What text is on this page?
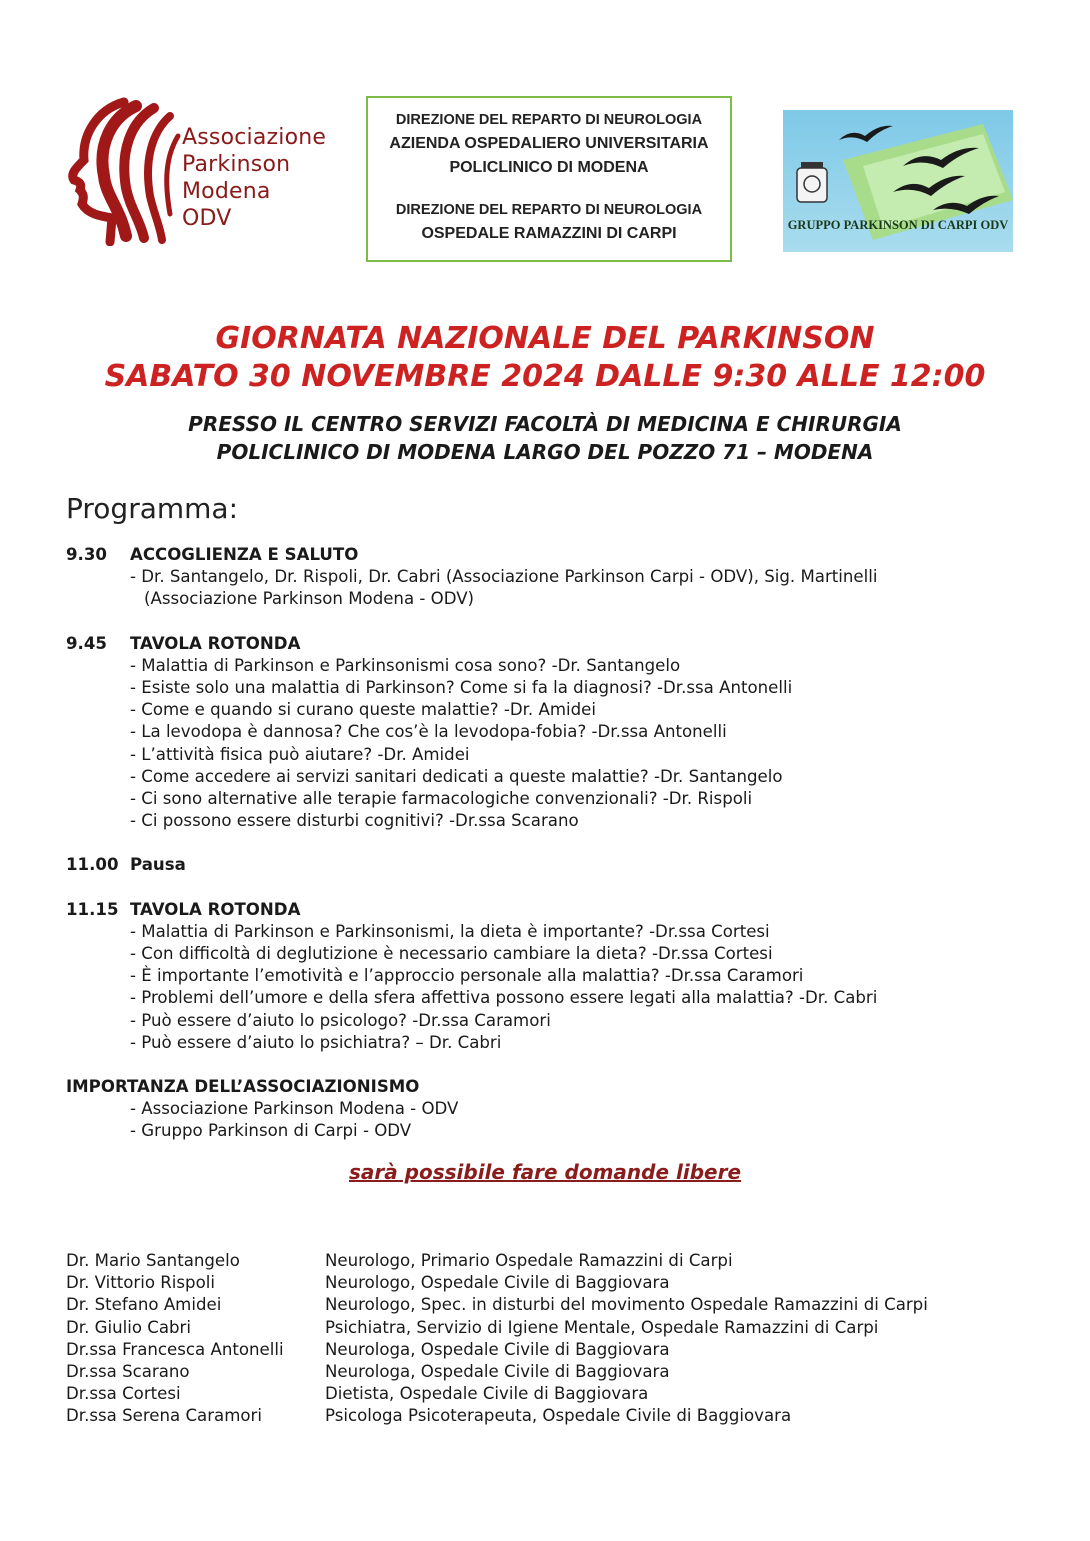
Associazione
Parkinson
Modena
ODV
DIREZIONE DEL REPARTO DI NEUROLOGIA
AZIENDA OSPEDALIERO UNIVERSITARIA
POLICLINICO DI MODENA
DIREZIONE DEL REPARTO DI NEUROLOGIA
OSPEDALE RAMAZZINI DI CARPI	GRUPPO PARKINSON DI CARPI ODV
GIORNATA NAZIONALE DEL PARKINSON
SABATO 30 NOVEMBRE 2024 DALLE 9:30 ALLE 12:00
PRESSO IL CENTRO SERVIZI FACOLTÀ DI MEDICINA E CHIRURGIA
POLICLINICO DI MODENA LARGO DEL POZZO 71 – MODENA
Programma:
9.30 ACCOGLIENZA E SALUTO
- Dr. Santangelo, Dr. Rispoli, Dr. Cabri (Associazione Parkinson Carpi - ODV), Sig. Martinelli
(Associazione Parkinson Modena - ODV)
9.45 TAVOLA ROTONDA
- Malattia di Parkinson e Parkinsonismi cosa sono? -Dr. Santangelo
- Esiste solo una malattia di Parkinson? Come si fa la diagnosi? -Dr.ssa Antonelli
- Come e quando si curano queste malattie? -Dr. Amidei
- La levodopa è dannosa? Che cos’è la levodopa-fobia? -Dr.ssa Antonelli
- L’attività fisica può aiutare? -Dr. Amidei
- Come accedere ai servizi sanitari dedicati a queste malattie? -Dr. Santangelo
- Ci sono alternative alle terapie farmacologiche convenzionali? -Dr. Rispoli
- Ci possono essere disturbi cognitivi? -Dr.ssa Scarano
11.00 Pausa
11.15 TAVOLA ROTONDA
- Malattia di Parkinson e Parkinsonismi, la dieta è importante? -Dr.ssa Cortesi
- Con difficoltà di deglutizione è necessario cambiare la dieta? -Dr.ssa Cortesi
- È importante l’emotività e l’approccio personale alla malattia? -Dr.ssa Caramori
- Problemi dell’umore e della sfera affettiva possono essere legati alla malattia? -Dr. Cabri
- Può essere d’aiuto lo psicologo? -Dr.ssa Caramori
- Può essere d’aiuto lo psichiatra? – Dr. Cabri
IMPORTANZA DELL’ASSOCIAZIONISMO
- Associazione Parkinson Modena - ODV
- Gruppo Parkinson di Carpi - ODV
sarà possibile fare domande libere
Dr. Mario Santangelo	Neurologo, Primario Ospedale Ramazzini di Carpi
Dr. Vittorio Rispoli	Neurologo, Ospedale Civile di Baggiovara
Dr. Stefano Amidei	Neurologo, Spec. in disturbi del movimento Ospedale Ramazzini di Carpi
Dr. Giulio Cabri	Psichiatra, Servizio di Igiene Mentale, Ospedale Ramazzini di Carpi
Dr.ssa Francesca Antonelli	Neurologa, Ospedale Civile di Baggiovara
Dr.ssa Scarano	Neurologa, Ospedale Civile di Baggiovara
Dr.ssa Cortesi	Dietista, Ospedale Civile di Baggiovara
Dr.ssa Serena Caramori	Psicologa Psicoterapeuta, Ospedale Civile di Baggiovara
